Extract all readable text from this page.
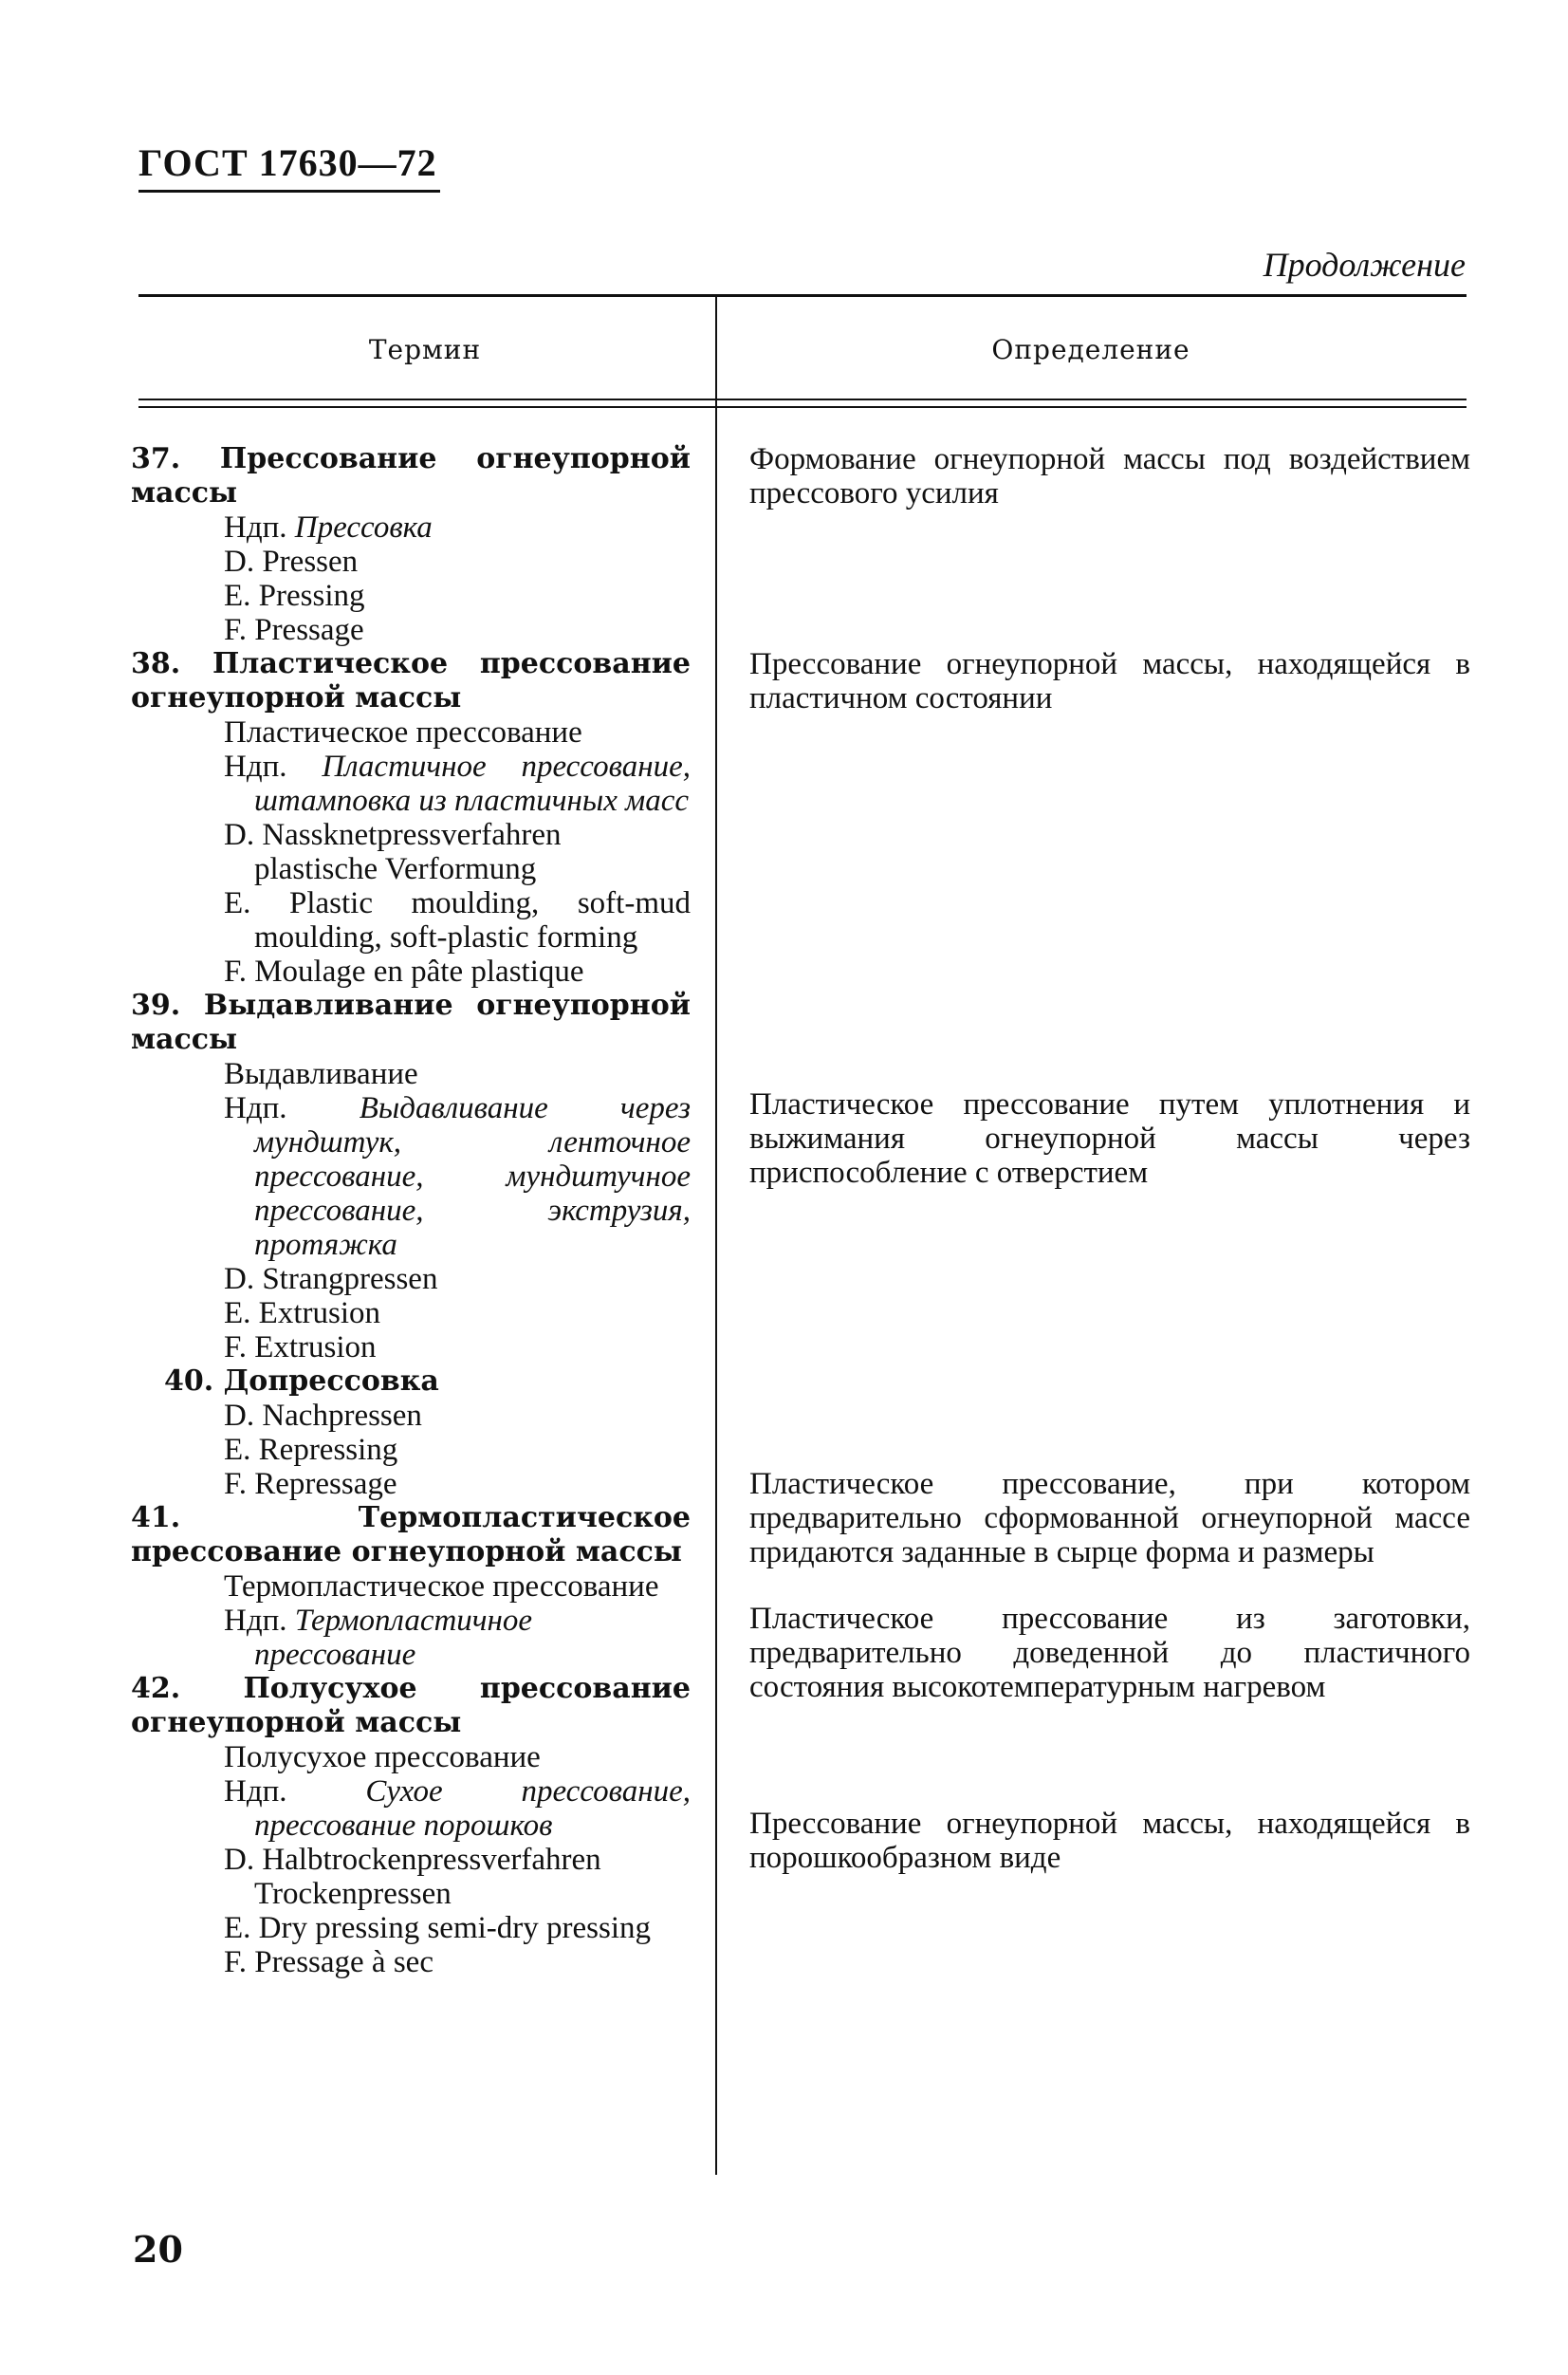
ГОСТ 17630—72
Продолжение
Термин	Определение
37. Прессование огнеупорной массы
Ндп. Прессовка
D. Pressen
E. Pressing
F. Pressage
38. Пластическое прессование огнеупорной массы
Пластическое прессование
Ндп. Пластичное прессование, штамповка из пластичных масс
D. Nassknetpressverfahren plastische Verformung
E. Plastic moulding, soft-mud moulding, soft-plastic forming
F. Moulage en pâte plastique
39. Выдавливание огнеупорной массы
Выдавливание
Ндп. Выдавливание через мундштук, ленточное прессование, мундштучное прессование, экструзия, протяжка
D. Strangpressen
E. Extrusion
F. Extrusion
40. Допрессовка
D. Nachpressen
E. Repressing
F. Repressage
41. Термопластическое прессование огнеупорной массы
Термопластическое прессование
Ндп. Термопластичное прессование
42. Полусухое прессование огнеупорной массы
Полусухое прессование
Ндп.	Сухое прессование, прессование порошков
D. Halbtrockenpressverfahren Trockenpressen
E. Dry pressing semi-dry pressing
F. Pressage à sec
Формование огнеупорной массы под воздействием прессового усилия
Прессование огнеупорной массы, находящейся в пластичном состоянии
Пластическое прессование путем уплотнения и выжимания огнеупорной массы через приспособление с отверстием
Пластическое прессование, при котором предварительно сформованной огнеупорной массе придаются заданные в сырце форма и размеры
Пластическое прессование из заготовки, предварительно доведенной до пластичного состояния высокотемпературным нагревом
Прессование огнеупорной массы, находящейся в порошкообразном виде
20
